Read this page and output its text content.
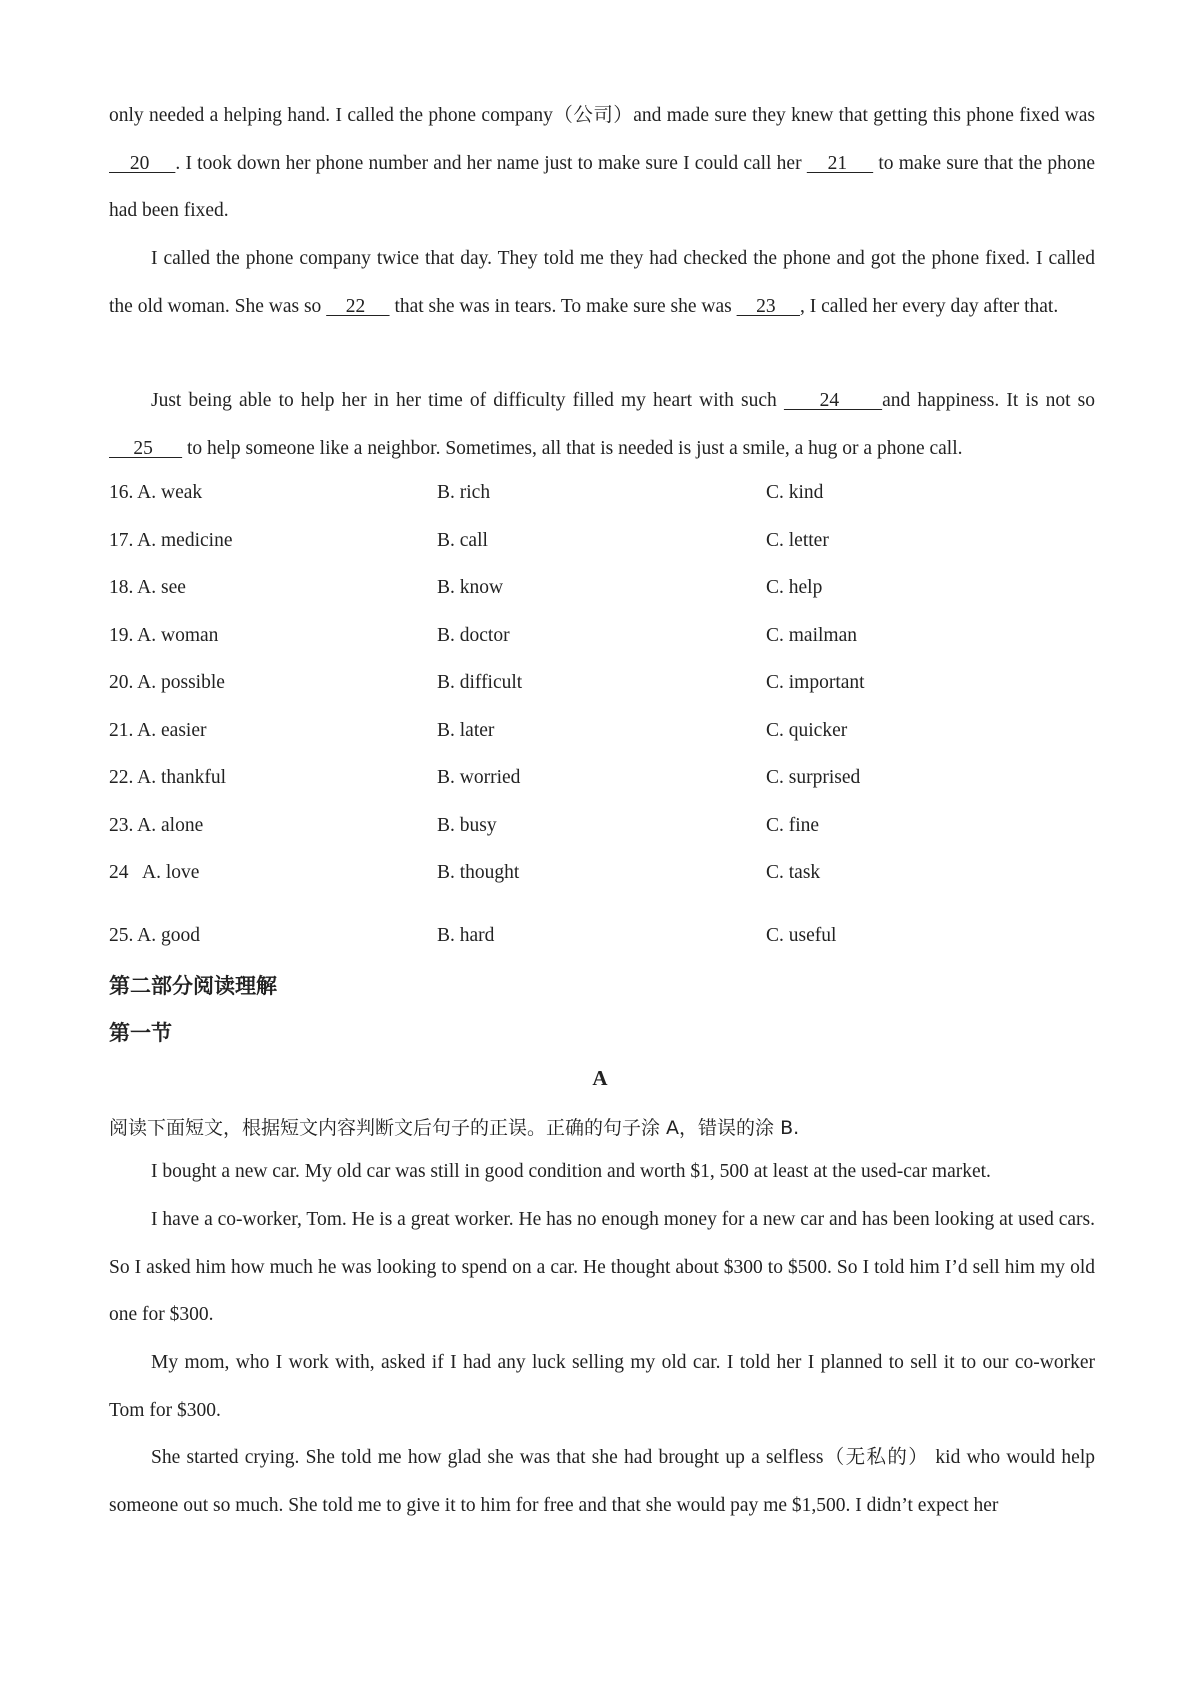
only needed a helping hand. I called the phone company（公司）and made sure they knew that getting this phone fixed was     20     . I took down her phone number and her name just to make sure I could call her     21      to make sure that the phone had been fixed.

I called the phone company twice that day. They told me they had checked the phone and got the phone fixed. I called the old woman. She was so     22      that she was in tears. To make sure she was     23     , I called her every day after that.

Just being able to help her in her time of difficulty filled my heart with such      24      and happiness. It is not so      25       to help someone like a neighbor. Sometimes, all that is needed is just a smile, a hug or a phone call.

16. A. weak	B. rich	C. kind
17. A. medicine	B. call	C. letter
18. A. see	B. know	C. help
19. A. woman	B. doctor	C. mailman
20. A. possible	B. difficult	C. important
21. A. easier	B. later	C. quicker
22. A. thankful	B. worried	C. surprised
23. A. alone	B. busy	C. fine
24   A. love	B. thought	C. task
25. A. good	B. hard	C. useful
第二部分阅读理解
第一节
A
阅读下面短文，根据短文内容判断文后句子的正误。正确的句子涂 A，错误的涂 B.

I bought a new car. My old car was still in good condition and worth $1, 500 at least at the used-car market.

I have a co-worker, Tom. He is a great worker. He has no enough money for a new car and has been looking at used cars. So I asked him how much he was looking to spend on a car. He thought about $300 to $500. So I told him I’d sell him my old one for $300.

My mom, who I work with, asked if I had any luck selling my old car. I told her I planned to sell it to our co-worker Tom for $300.

She started crying. She told me how glad she was that she had brought up a selfless（无私的） kid who would help someone out so much. She told me to give it to him for free and that she would pay me $1,500. I didn’t expect her
